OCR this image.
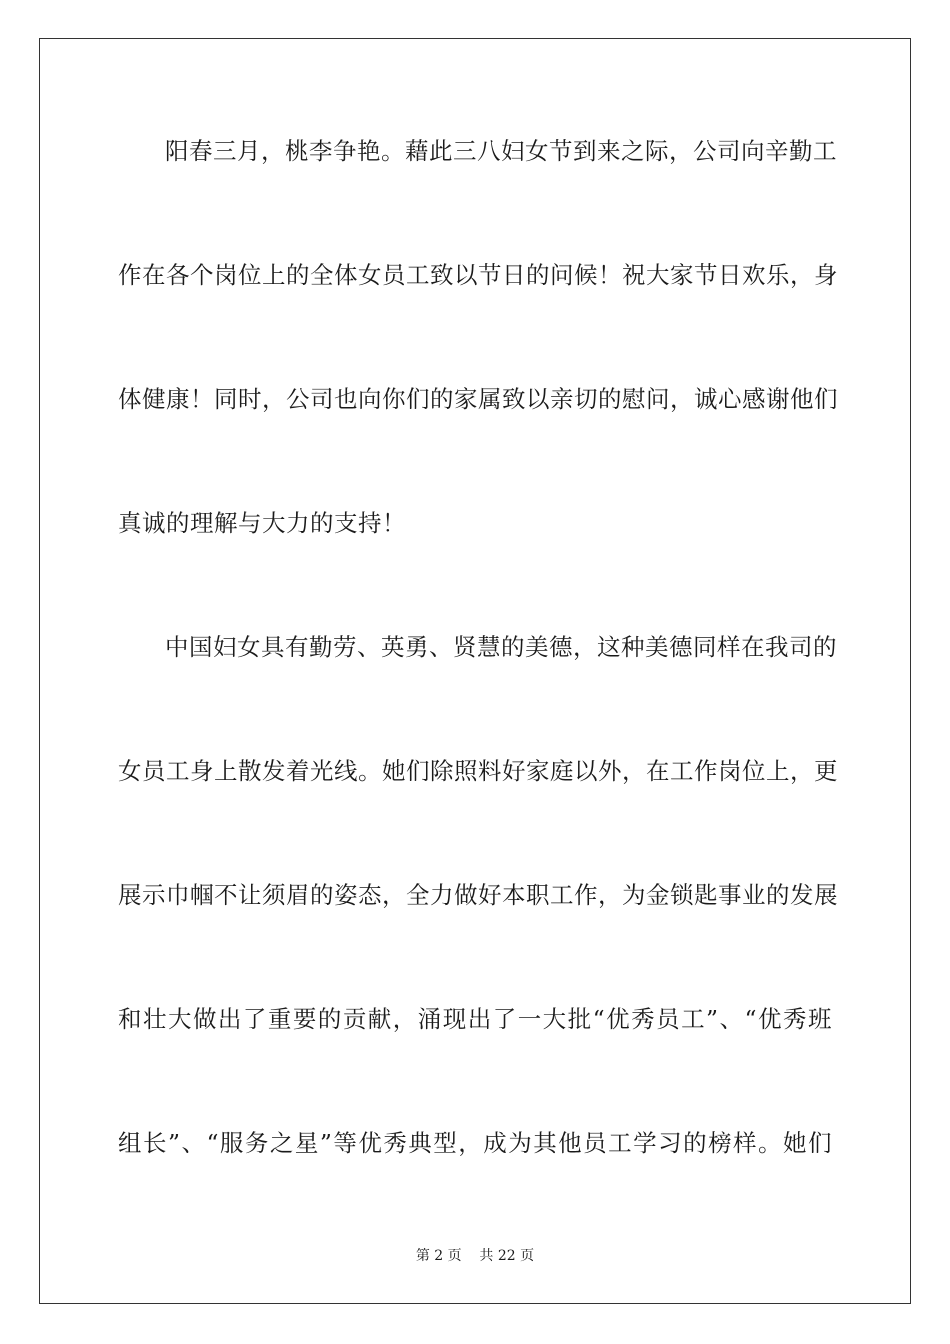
阳春三月，桃李争艳。藉此三八妇女节到来之际，公司向辛勤工
作在各个岗位上的全体女员工致以节日的问候！祝大家节日欢乐，身
体健康！同时，公司也向你们的家属致以亲切的慰问，诚心感谢他们
真诚的理解与大力的支持！
中国妇女具有勤劳、英勇、贤慧的美德，这种美德同样在我司的
女员工身上散发着光线。她们除照料好家庭以外，在工作岗位上，更
展示巾帼不让须眉的姿态，全力做好本职工作，为金锁匙事业的发展
和壮大做出了重要的贡献，涌现出了一大批“优秀员工”、“优秀班
组长”、“服务之星”等优秀典型，成为其他员工学习的榜样。她们
第 2 页    共 22 页
